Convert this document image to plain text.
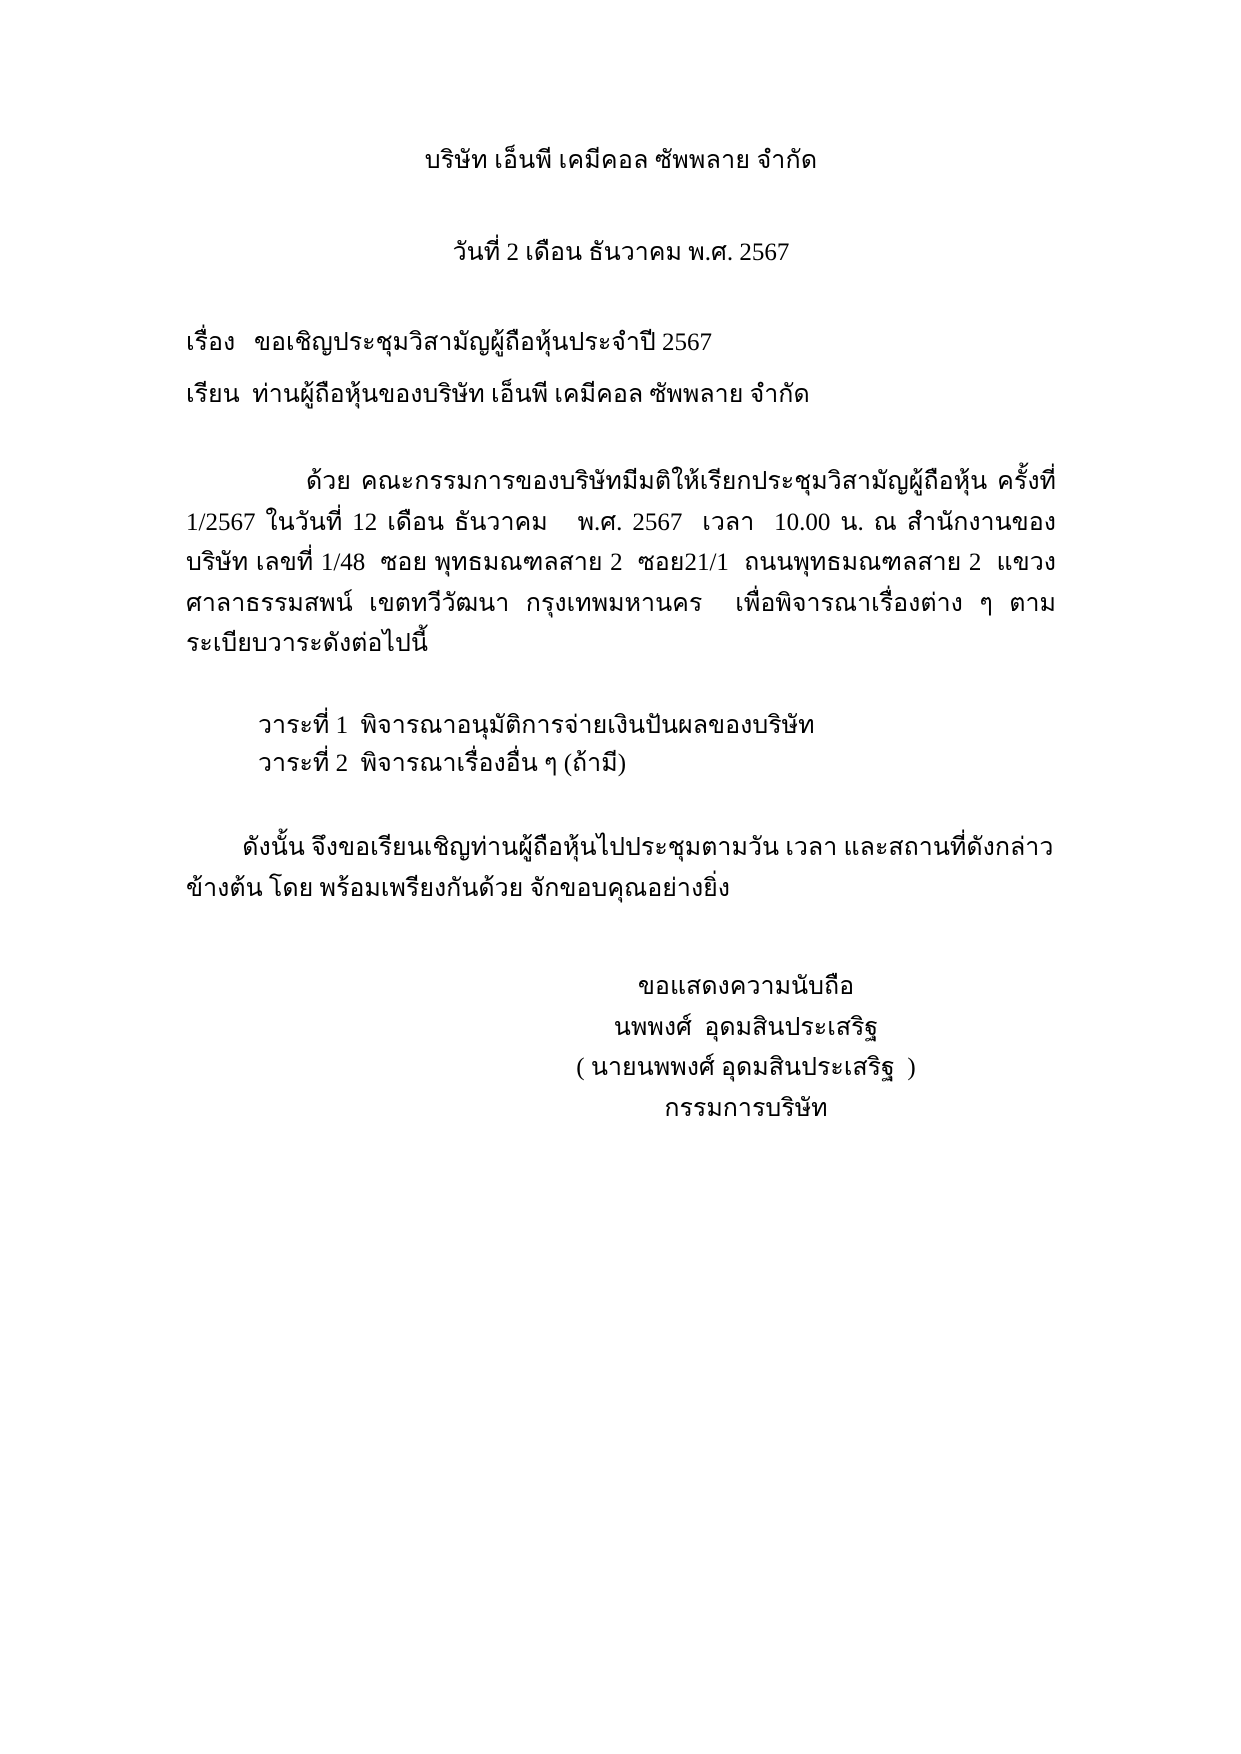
บริษัท เอ็นพี เคมีคอล ซัพพลาย จำกัด
วันที่ 2 เดือน ธันวาคม พ.ศ. 2567
เรื่อง   ขอเชิญประชุมวิสามัญผู้ถือหุ้นประจำปี 2567
เรียน  ท่านผู้ถือหุ้นของบริษัท เอ็นพี เคมีคอล ซัพพลาย จำกัด
ด้วย คณะกรรมการของบริษัทมีมติให้เรียกประชุมวิสามัญผู้ถือหุ้น ครั้งที่ 1/2567 ในวันที่ 12 เดือน ธันวาคม   พ.ศ. 2567  เวลา  10.00 น. ณ สำนักงานของบริษัท เลขที่ 1/48  ซอย พุทธมณฑลสาย 2  ซอย21/1  ถนนพุทธมณฑลสาย 2  แขวงศาลาธรรมสพน์ เขตทวีวัฒนา กรุงเทพมหานคร  เพื่อพิจารณาเรื่องต่าง ๆ ตามระเบียบวาระดังต่อไปนี้
วาระที่ 1  พิจารณาอนุมัติการจ่ายเงินปันผลของบริษัท
วาระที่ 2  พิจารณาเรื่องอื่น ๆ (ถ้ามี)
ดังนั้น จึงขอเรียนเชิญท่านผู้ถือหุ้นไปประชุมตามวัน เวลา และสถานที่ดังกล่าวข้างต้น โดย พร้อมเพรียงกันด้วย จักขอบคุณอย่างยิ่ง
ขอแสดงความนับถือ
นพพงศ์  อุดมสินประเสริฐ
( นายนพพงศ์ อุดมสินประเสริฐ  )
กรรมการบริษัท
